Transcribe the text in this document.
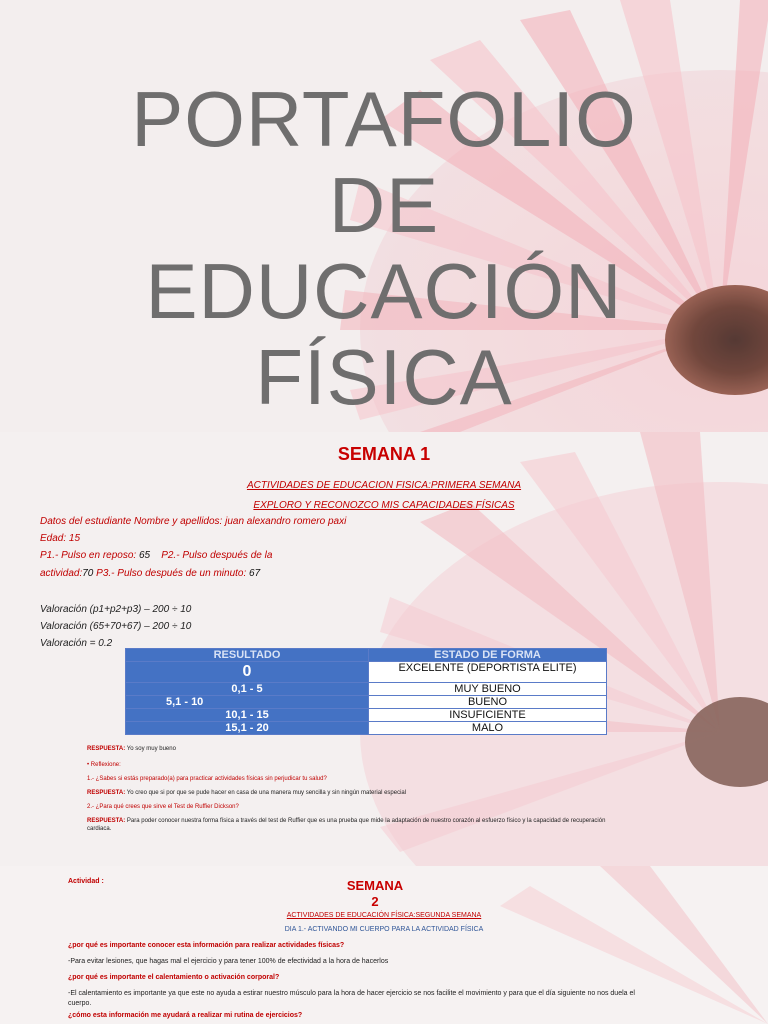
PORTAFOLIO
DE
EDUCACIÓN
FÍSICA
SEMANA 1
ACTIVIDADES DE EDUCACION FISICA:PRIMERA SEMANA
EXPLORO Y RECONOZCO MIS CAPACIDADES FÍSICAS
Datos del estudiante Nombre y apellidos: juan alexandro romero paxi
Edad: 15
P1.- Pulso en reposo: 65 P2.- Pulso después de la
actividad:70 P3.- Pulso después de un minuto: 67
Valoración (p1+p2+p3) – 200 ÷ 10
Valoración (65+70+67) – 200 ÷ 10
Valoración = 0.2
RESULTADO	ESTADO DE FORMA
0	EXCELENTE (DEPORTISTA ELITE)
0,1 - 5	MUY BUENO
5,1 - 10	BUENO
10,1 - 15	INSUFICIENTE
15,1 - 20	MALO
RESPUESTA: Yo soy muy bueno
• Reflexione:
1.- ¿Sabes si estás preparado(a) para practicar actividades físicas sin perjudicar tu salud?
RESPUESTA: Yo creo que si por que se pude hacer en casa de una manera muy sencilla y sin ningún material especial
2.- ¿Para qué crees que sirve el Test de Ruffier Dickson?
RESPUESTA: Para poder conocer nuestra forma física a través del test de Ruffier que es una prueba que mide la adaptación de nuestro corazón al esfuerzo físico y la capacidad de recuperación
cardiaca.
Actividad :	SEMANA
2
ACTIVIDADES DE EDUCACIÓN FÍSICA:SEGUNDA SEMANA
DIA 1.- ACTIVANDO MI CUERPO PARA LA ACTIVIDAD FÍSICA
¿por qué es importante conocer esta información para realizar actividades físicas?
-Para evitar lesiones, que hagas mal el ejercicio y para tener 100% de efectividad a la hora de hacerlos
¿por qué es importante el calentamiento o activación corporal?
-El calentamiento es importante ya que este no ayuda a estirar nuestro músculo para la hora de hacer ejercicio se nos facilite el movimiento y para que el día siguiente no nos duela el
cuerpo.
¿cómo esta información me ayudará a realizar mi rutina de ejercicios?
